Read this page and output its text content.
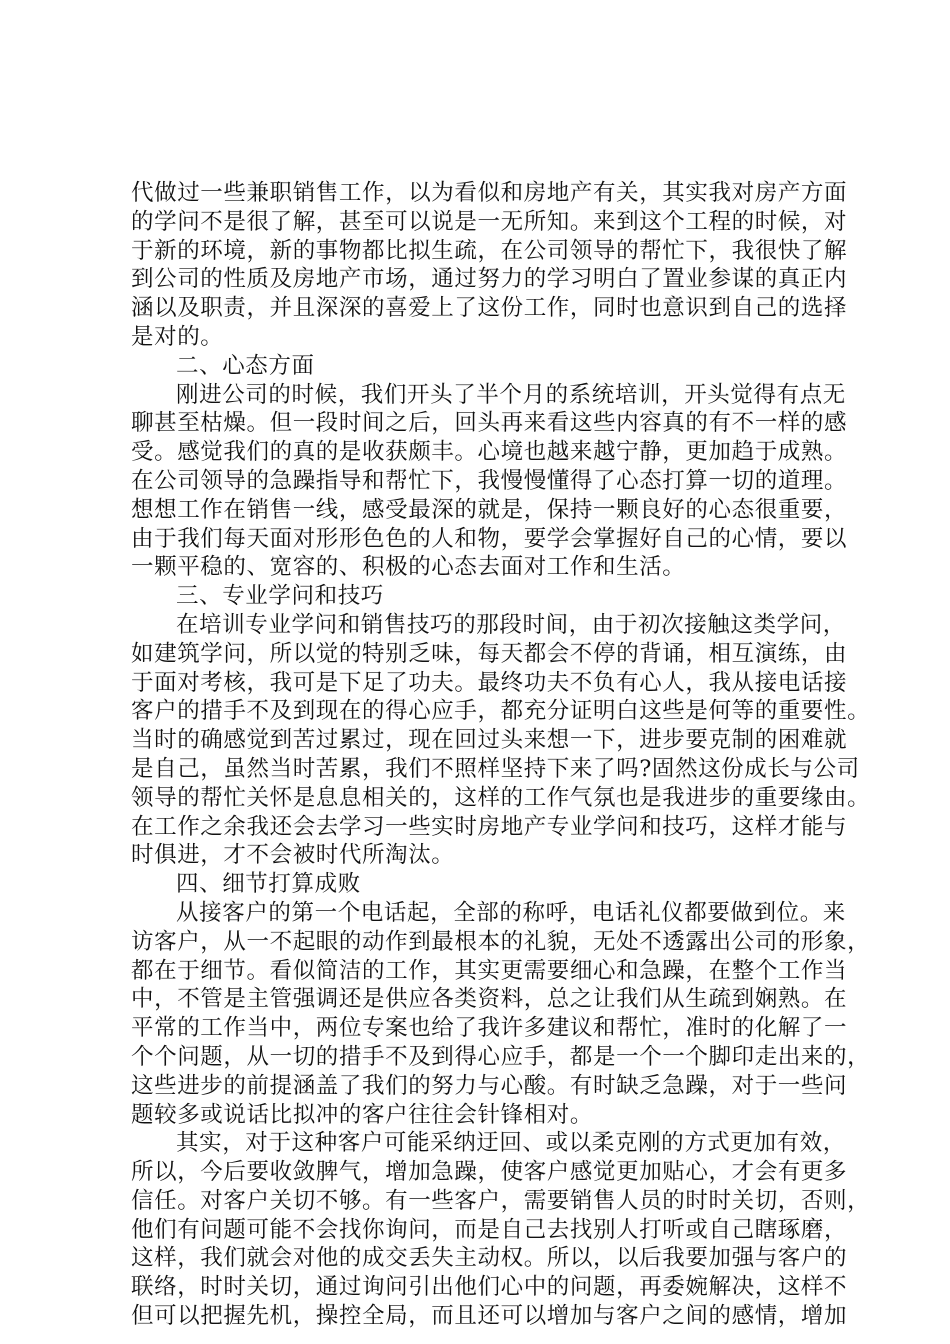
代做过一些兼职销售工作，以为看似和房地产有关，其实我对房产方面
的学问不是很了解，甚至可以说是一无所知。来到这个工程的时候，对
于新的环境，新的事物都比拟生疏，在公司领导的帮忙下，我很快了解
到公司的性质及房地产市场，通过努力的学习明白了置业参谋的真正内
涵以及职责，并且深深的喜爱上了这份工作，同时也意识到自己的选择
是对的。
二、心态方面
刚进公司的时候，我们开头了半个月的系统培训，开头觉得有点无
聊甚至枯燥。但一段时间之后，回头再来看这些内容真的有不一样的感
受。感觉我们的真的是收获颇丰。心境也越来越宁静，更加趋于成熟。
在公司领导的急躁指导和帮忙下，我慢慢懂得了心态打算一切的道理。
想想工作在销售一线，感受最深的就是，保持一颗良好的心态很重要，
由于我们每天面对形形色色的人和物，要学会掌握好自己的心情，要以
一颗平稳的、宽容的、积极的心态去面对工作和生活。
三、专业学问和技巧
在培训专业学问和销售技巧的那段时间，由于初次接触这类学问，
如建筑学问，所以觉的特别乏味，每天都会不停的背诵，相互演练，由
于面对考核，我可是下足了功夫。最终功夫不负有心人，我从接电话接
客户的措手不及到现在的得心应手，都充分证明白这些是何等的重要性。
当时的确感觉到苦过累过，现在回过头来想一下，进步要克制的困难就
是自己，虽然当时苦累，我们不照样坚持下来了吗?固然这份成长与公司
领导的帮忙关怀是息息相关的，这样的工作气氛也是我进步的重要缘由。
在工作之余我还会去学习一些实时房地产专业学问和技巧，这样才能与
时俱进，才不会被时代所淘汰。
四、细节打算成败
从接客户的第一个电话起，全部的称呼，电话礼仪都要做到位。来
访客户，从一不起眼的动作到最根本的礼貌，无处不透露出公司的形象，
都在于细节。看似简洁的工作，其实更需要细心和急躁，在整个工作当
中，不管是主管强调还是供应各类资料，总之让我们从生疏到娴熟。在
平常的工作当中，两位专案也给了我许多建议和帮忙，准时的化解了一
个个问题，从一切的措手不及到得心应手，都是一个一个脚印走出来的，
这些进步的前提涵盖了我们的努力与心酸。有时缺乏急躁，对于一些问
题较多或说话比拟冲的客户往往会针锋相对。
其实，对于这种客户可能采纳迂回、或以柔克刚的方式更加有效，
所以，今后要收敛脾气，增加急躁，使客户感觉更加贴心，才会有更多
信任。对客户关切不够。有一些客户，需要销售人员的时时关切，否则，
他们有问题可能不会找你询问，而是自己去找别人打听或自己瞎琢磨，
这样，我们就会对他的成交丢失主动权。所以，以后我要加强与客户的
联络，时时关切，通过询问引出他们心中的问题，再委婉解决，这样不
但可以把握先机，操控全局，而且还可以增加与客户之间的感情，增加
